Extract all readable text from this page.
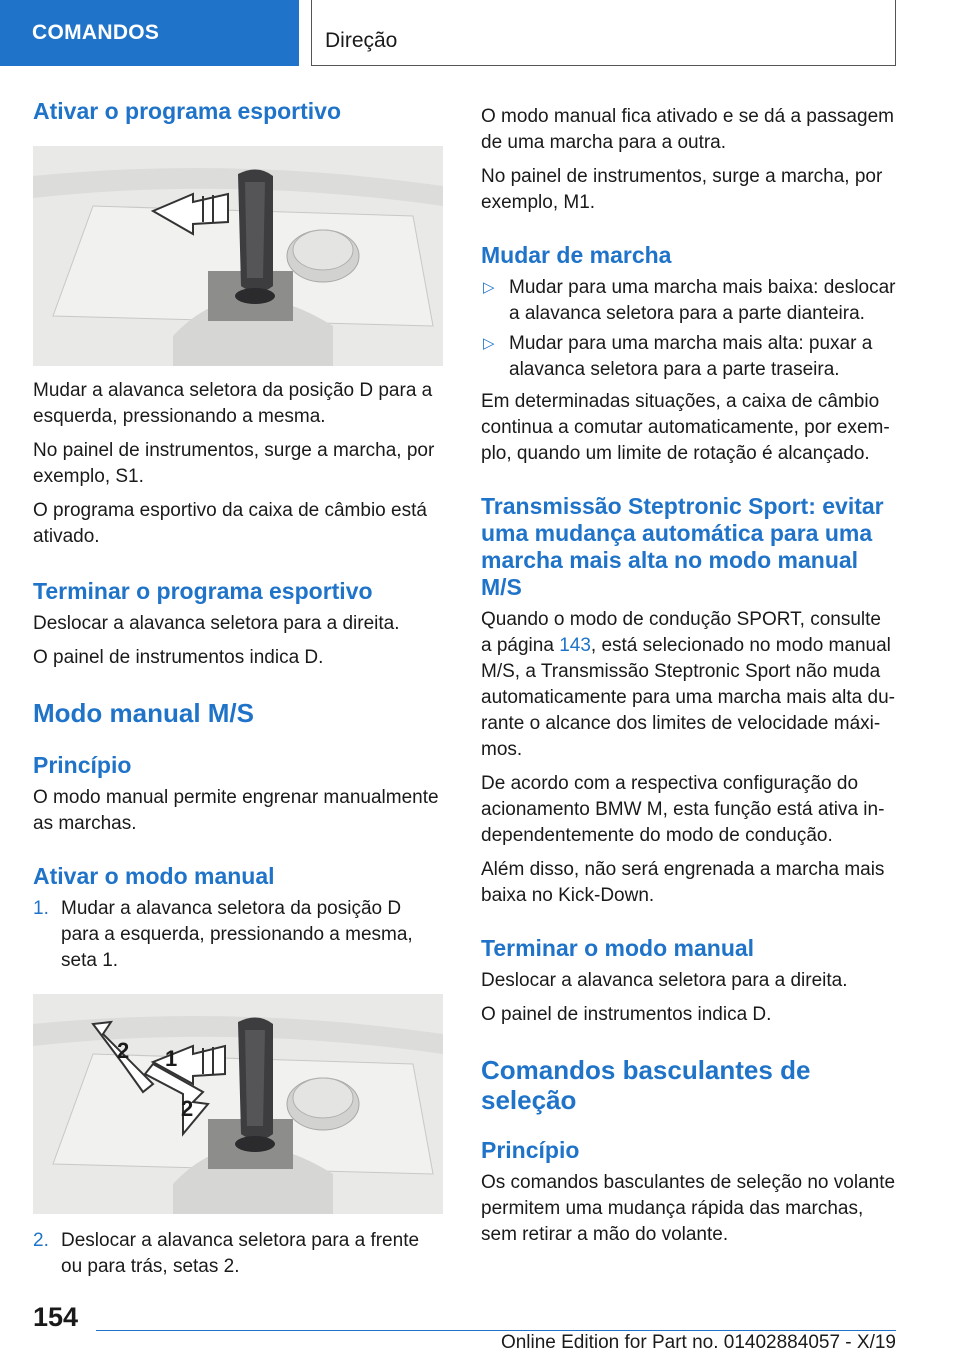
COMANDOS	Direção
Ativar o programa esportivo

Mudar a alavanca seletora da posição D para a esquerda, pressionando a mesma.

No painel de instrumentos, surge a marcha, por exemplo, S1.

O programa esportivo da caixa de câmbio está ativado.

Terminar o programa esportivo

Deslocar a alavanca seletora para a direita.

O painel de instrumentos indica D.

Modo manual M/S
Princípio

O modo manual permite engrenar manualmente as marchas.

Ativar o modo manual
1. Mudar a alavanca seletora da posição D para a esquerda, pressionando a mesma, seta 1.
1
2
2
2. Deslocar a alavanca seletora para a frente ou para trás, setas 2.

O modo manual fica ativado e se dá a passagem de uma marcha para a outra.

No painel de instrumentos, surge a marcha, por exemplo, M1.

Mudar de marcha
▷ Mudar para uma marcha mais baixa: deslocar a alavanca seletora para a parte dianteira.
▷ Mudar para uma marcha mais alta: puxar a alavanca seletora para a parte traseira.

Em determinadas situações, a caixa de câmbio continua a comutar automaticamente, por exemplo, quando um limite de rotação é alcançado.

Transmissão Steptronic Sport: evitar uma mudança automática para uma marcha mais alta no modo manual M/S

Quando o modo de condução SPORT, consulte a página 143, está selecionado no modo manual M/S, a Transmissão Steptronic Sport não muda automaticamente para uma marcha mais alta durante o alcance dos limites de velocidade máximos.

De acordo com a respectiva configuração do acionamento BMW M, esta função está ativa independentemente do modo de condução.

Além disso, não será engrenada a marcha mais baixa no Kick-Down.

Terminar o modo manual

Deslocar a alavanca seletora para a direita.

O painel de instrumentos indica D.

Comandos basculantes de seleção
Princípio

Os comandos basculantes de seleção no volante permitem uma mudança rápida das marchas, sem retirar a mão do volante.

154
Online Edition for Part no. 01402884057 - X/19
